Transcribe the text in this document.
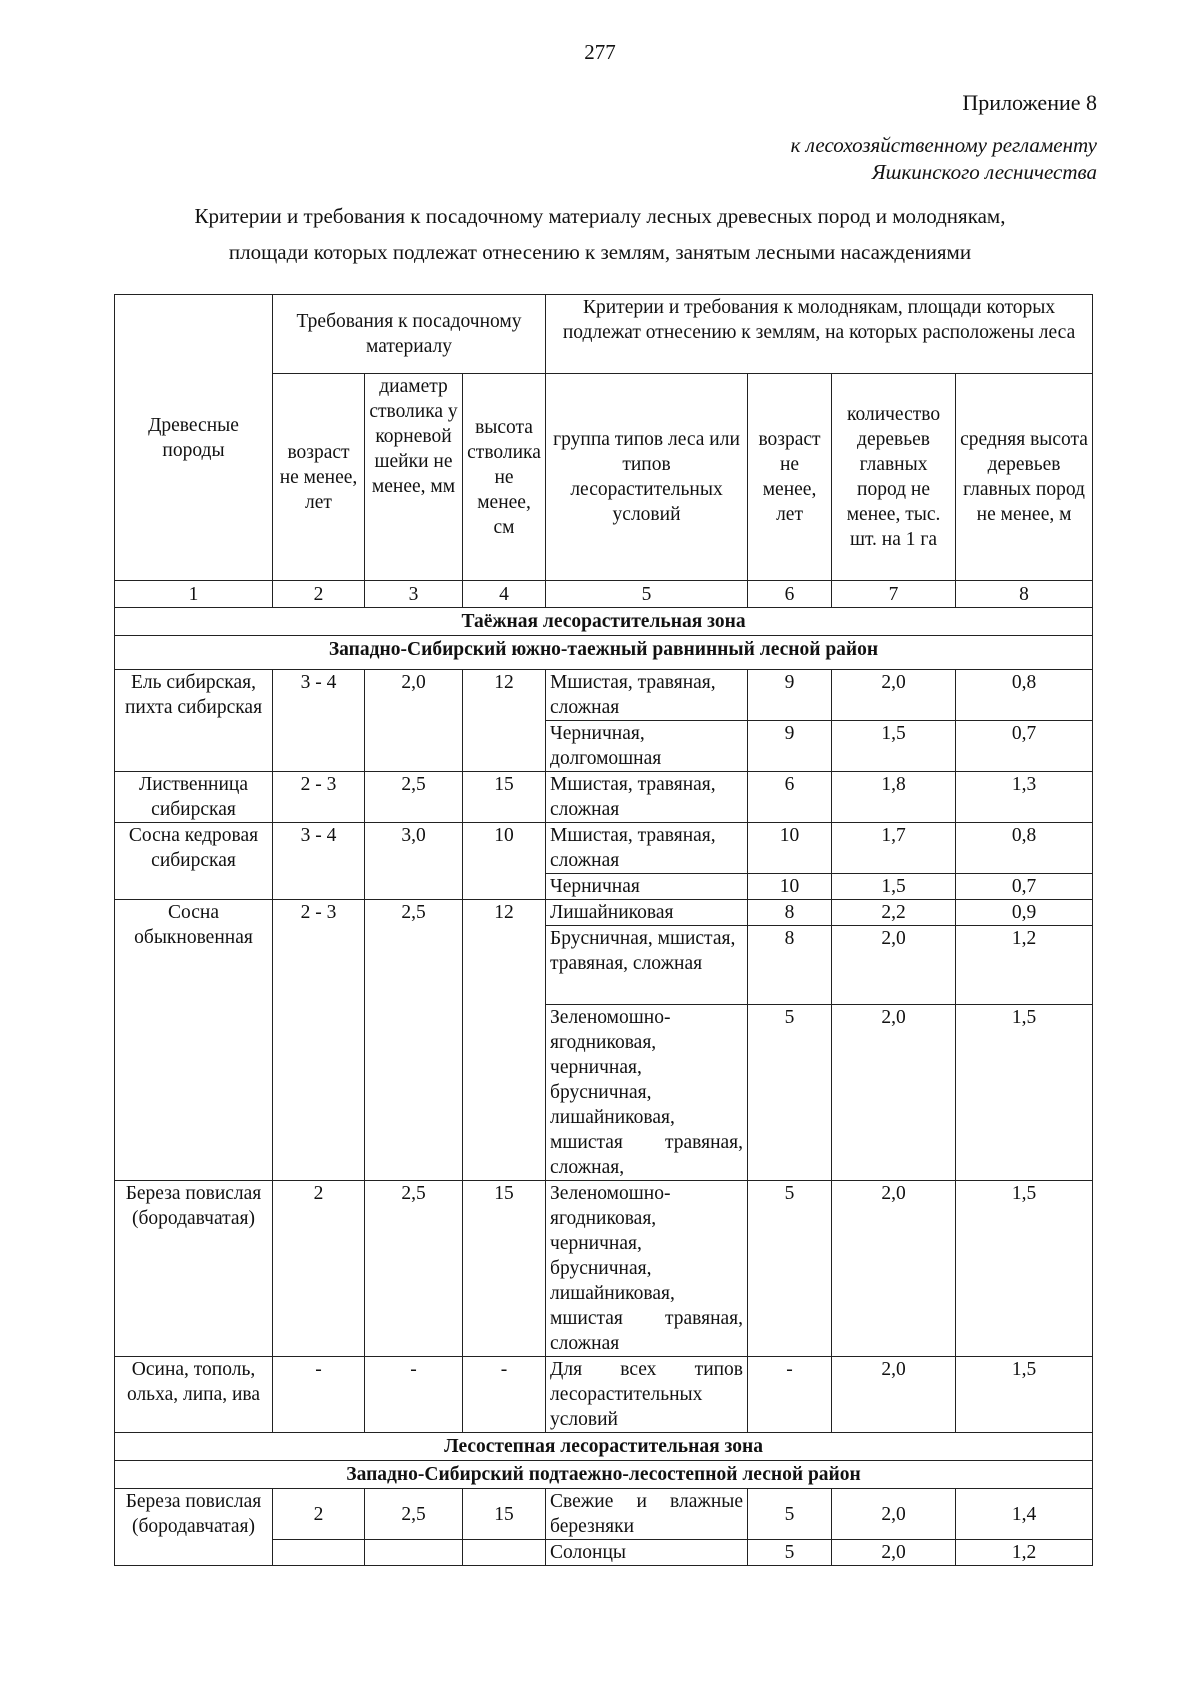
277
Приложение 8
к лесохозяйственному регламенту
Яшкинского лесничества
Критерии и требования к посадочному материалу лесных древесных пород и молоднякам,
площади которых подлежат отнесению к землям, занятым лесными насаждениями
Древесные породы	Требования к посадочному материалу			Критерии и требования к молоднякам, площади которых подлежат отнесению к землям, на которых расположены леса			
	возраст не менее, лет	диаметр стволика у корневой шейки не менее, мм	высота стволика не менее, см	группа типов леса или типов лесорастительных условий	возраст не менее, лет	количество деревьев главных пород не менее, тыс. шт. на 1 га	средняя высота деревьев главных пород не менее, м
1	2	3	4	5	6	7	8
Таёжная лесорастительная зона							
Западно-Сибирский южно-таежный равнинный лесной район							
Ель сибирская, пихта сибирская	3 - 4	2,0	12	Мшистая, травяная, сложная	9	2,0	0,8
				Черничная, долгомошная	9	1,5	0,7
Лиственница сибирская	2 - 3	2,5	15	Мшистая, травяная, сложная	6	1,8	1,3
Сосна кедровая сибирская	3 - 4	3,0	10	Мшистая, травяная, сложная	10	1,7	0,8
				Черничная	10	1,5	0,7
Сосна обыкновенная	2 - 3	2,5	12	Лишайниковая	8	2,2	0,9
				Брусничная, мшистая, травяная, сложная	8	2,0	1,2
				Зеленомошно-ягодниковая, черничная, брусничная, лишайниковая, мшистая травяная, сложная,	5	2,0	1,5
Береза повислая (бородавчатая)	2	2,5	15	Зеленомошно-ягодниковая, черничная, брусничная, лишайниковая, мшистая травяная, сложная	5	2,0	1,5
Осина, тополь, ольха, липа, ива	-	-	-	Для всех типов лесорастительных условий	-	2,0	1,5
Лесостепная лесорастительная зона							
Западно-Сибирский подтаежно-лесостепной лесной район							
Береза повислая (бородавчатая)	2	2,5	15	Свежие и влажные березняки	5	2,0	1,4
				Солонцы	5	2,0	1,2
